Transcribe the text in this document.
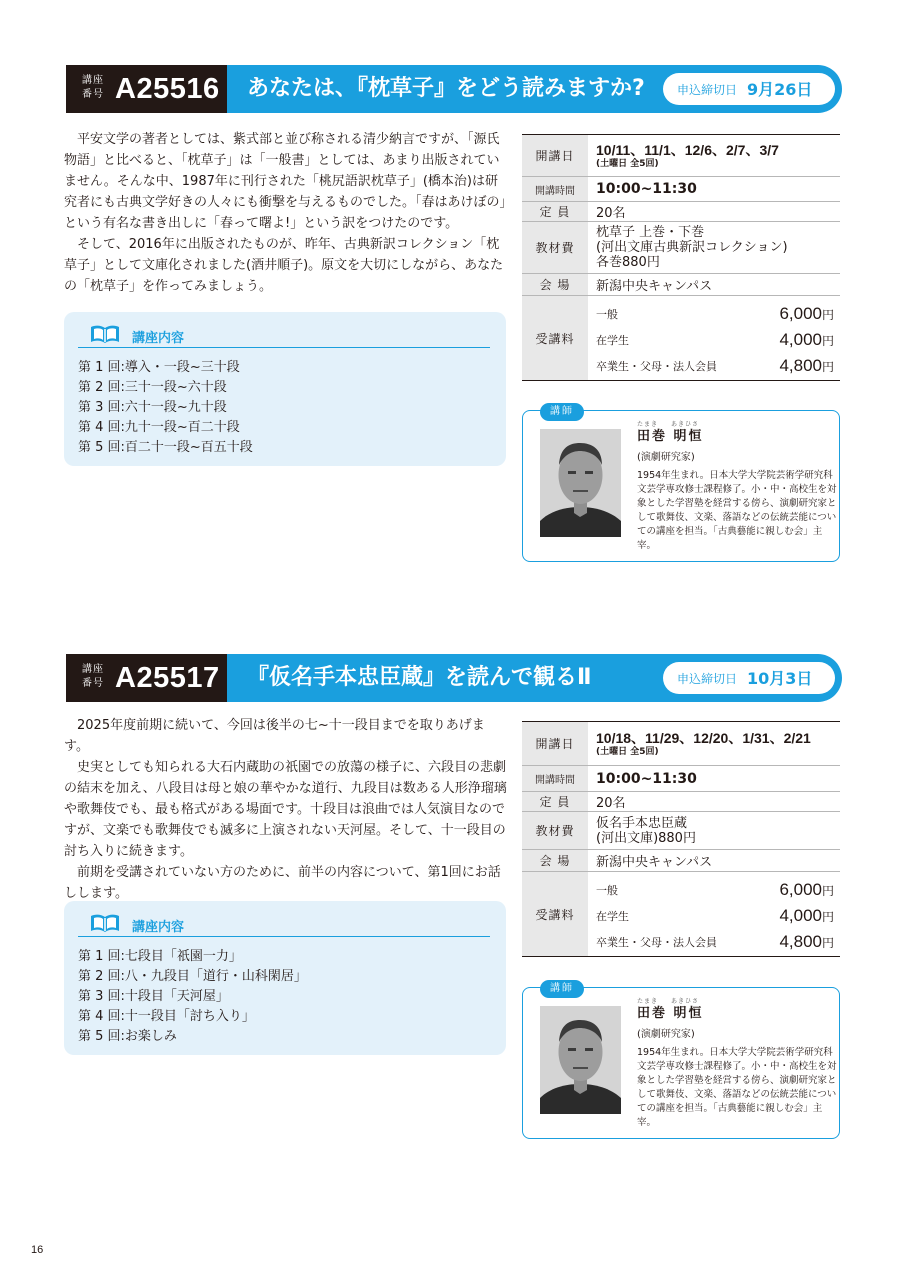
講座番号 A25516 あなたは、『枕草子』をどう読みますか?	申込締切日 9月26日

平安文学の著者としては、紫式部と並び称される清少納言ですが、「源氏物語」と比べると、「枕草子」は「一般書」としては、あまり出版されていません。そんな中、1987年に刊行された「桃尻語訳枕草子」(橋本治)は研究者にも古典文学好きの人々にも衝撃を与えるものでした。「春はあけぼの」という有名な書き出しに「春って曙よ!」という訳をつけたのです。

そして、2016年に出版されたものが、昨年、古典新訳コレクション「枕草子」として文庫化されました(酒井順子)。原文を大切にしながら、あなたの「枕草子」を作ってみましょう。

講座内容
第 1 回:導入・一段~三十段
第 2 回:三十一段~六十段
第 3 回:六十一段~九十段
第 4 回:九十一段~百二十段
第 5 回:百二十一段~百五十段
開講日	10/11、11/1、12/6、2/7、3/7
(土曜日 全5回)
開講時間	10:00~11:30
定 員	20名
教材費
枕草子 上巻・下巻
(河出文庫古典新訳コレクション)
各巻880円
会 場	新潟中央キャンパス
受講料
一般	6,000円
在学生	4,000円
卒業生・父母・法人会員	4,800円
講師
たまき あきひさ
田巻 明恒
(演劇研究家)
1954年生まれ。日本大学大学院芸術学研究科文芸学専攻修士課程修了。小・中・高校生を対象とした学習塾を経営する傍ら、演劇研究家として歌舞伎、文楽、落語などの伝統芸能についての講座を担当。「古典藝能に親しむ会」主宰。
講座番号 A25517 『仮名手本忠臣蔵』を読んで観るⅡ	申込締切日 10月3日

2025年度前期に続いて、今回は後半の七~十一段目までを取りあげます。

史実としても知られる大石内蔵助の祇園での放蕩の様子に、六段目の悲劇の結末を加え、八段目は母と娘の華やかな道行、九段目は数ある人形浄瑠璃や歌舞伎でも、最も格式がある場面です。十段目は浪曲では人気演目なのですが、文楽でも歌舞伎でも滅多に上演されない天河屋。そして、十一段目の討ち入りに続きます。

前期を受講されていない方のために、前半の内容について、第1回にお話しします。

講座内容
第 1 回:七段目「祇園一力」
第 2 回:八・九段目「道行・山科閑居」
第 3 回:十段目「天河屋」
第 4 回:十一段目「討ち入り」
第 5 回:お楽しみ
開講日	10/18、11/29、12/20、1/31、2/21
(土曜日 全5回)
開講時間	10:00~11:30
定 員	20名
教材費
仮名手本忠臣蔵
(河出文庫)880円
会 場	新潟中央キャンパス
受講料
一般	6,000円
在学生	4,000円
卒業生・父母・法人会員	4,800円
講師
たまき あきひさ
田巻 明恒
(演劇研究家)
1954年生まれ。日本大学大学院芸術学研究科文芸学専攻修士課程修了。小・中・高校生を対象とした学習塾を経営する傍ら、演劇研究家として歌舞伎、文楽、落語などの伝統芸能についての講座を担当。「古典藝能に親しむ会」主宰。
16
